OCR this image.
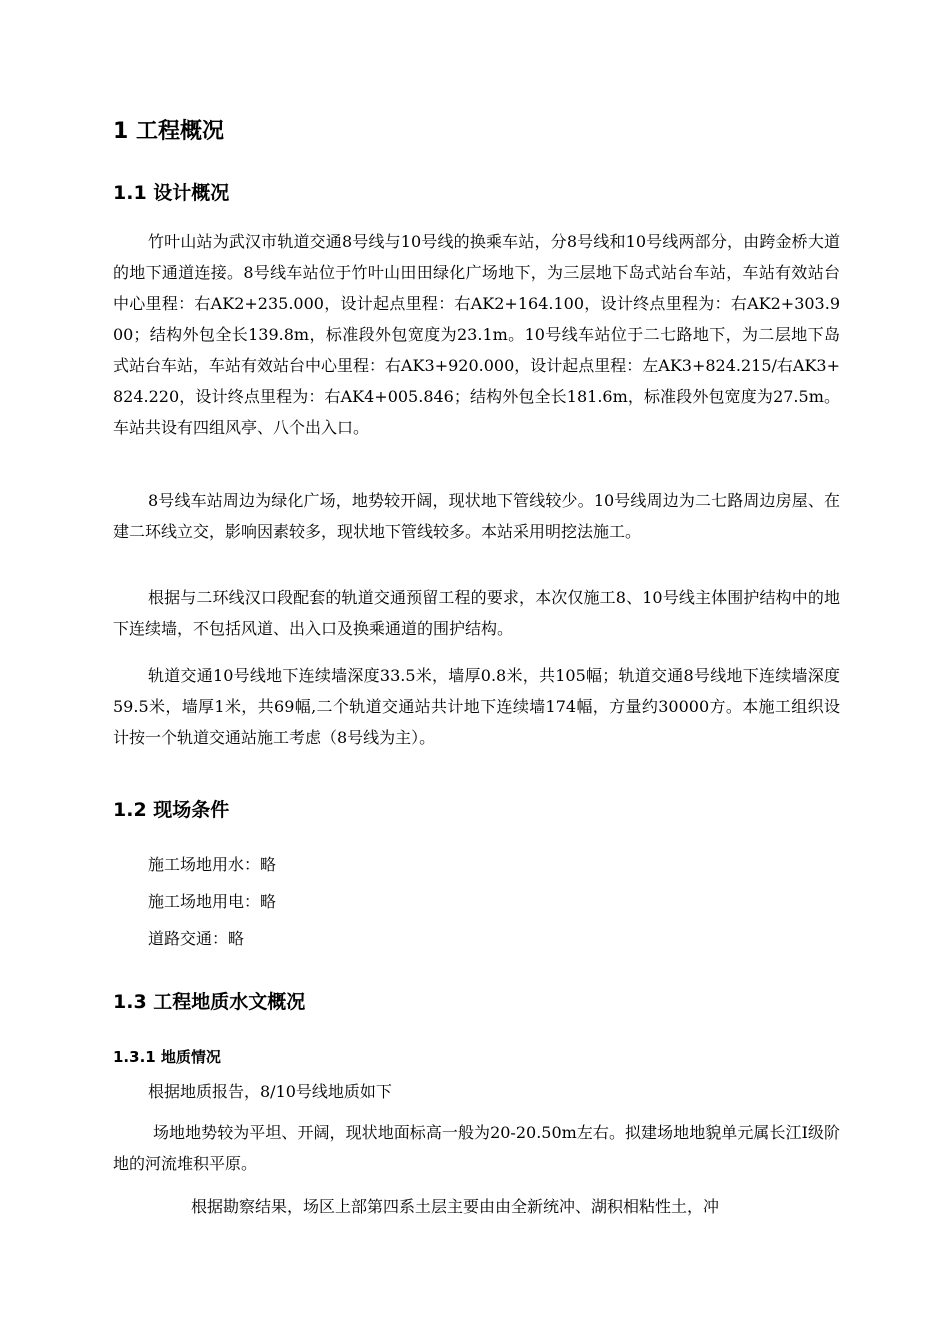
1 工程概况
1.1 设计概况
竹叶山站为武汉市轨道交通8号线与10号线的换乘车站，分8号线和10号线两部分，由跨金桥大道的地下通道连接。8号线车站位于竹叶山田田绿化广场地下，为三层地下岛式站台车站，车站有效站台中心里程：右AK2+235.000，设计起点里程：右AK2+164.100，设计终点里程为：右AK2+303.900；结构外包全长139.8m，标准段外包宽度为23.1m。10号线车站位于二七路地下，为二层地下岛式站台车站，车站有效站台中心里程：右AK3+920.000，设计起点里程：左AK3+824.215/右AK3+824.220，设计终点里程为：右AK4+005.846；结构外包全长181.6m，标准段外包宽度为27.5m。车站共设有四组风亭、八个出入口。
8号线车站周边为绿化广场，地势较开阔，现状地下管线较少。10号线周边为二七路周边房屋、在建二环线立交，影响因素较多，现状地下管线较多。本站采用明挖法施工。
根据与二环线汉口段配套的轨道交通预留工程的要求，本次仅施工8、10号线主体围护结构中的地下连续墙，不包括风道、出入口及换乘通道的围护结构。
轨道交通10号线地下连续墙深度33.5米，墙厚0.8米，共105幅；轨道交通8号线地下连续墙深度59.5米，墙厚1米，共69幅,二个轨道交通站共计地下连续墙174幅，方量约30000方。本施工组织设计按一个轨道交通站施工考虑（8号线为主）。
1.2 现场条件
施工场地用水：略
施工场地用电：略
道路交通：略
1.3 工程地质水文概况
1.3.1 地质情况
根据地质报告，8/10号线地质如下
场地地势较为平坦、开阔，现状地面标高一般为20-20.50m左右。拟建场地地貌单元属长江Ⅰ级阶地的河流堆积平原。
根据勘察结果，场区上部第四系土层主要由由全新统冲、湖积相粘性土，冲
